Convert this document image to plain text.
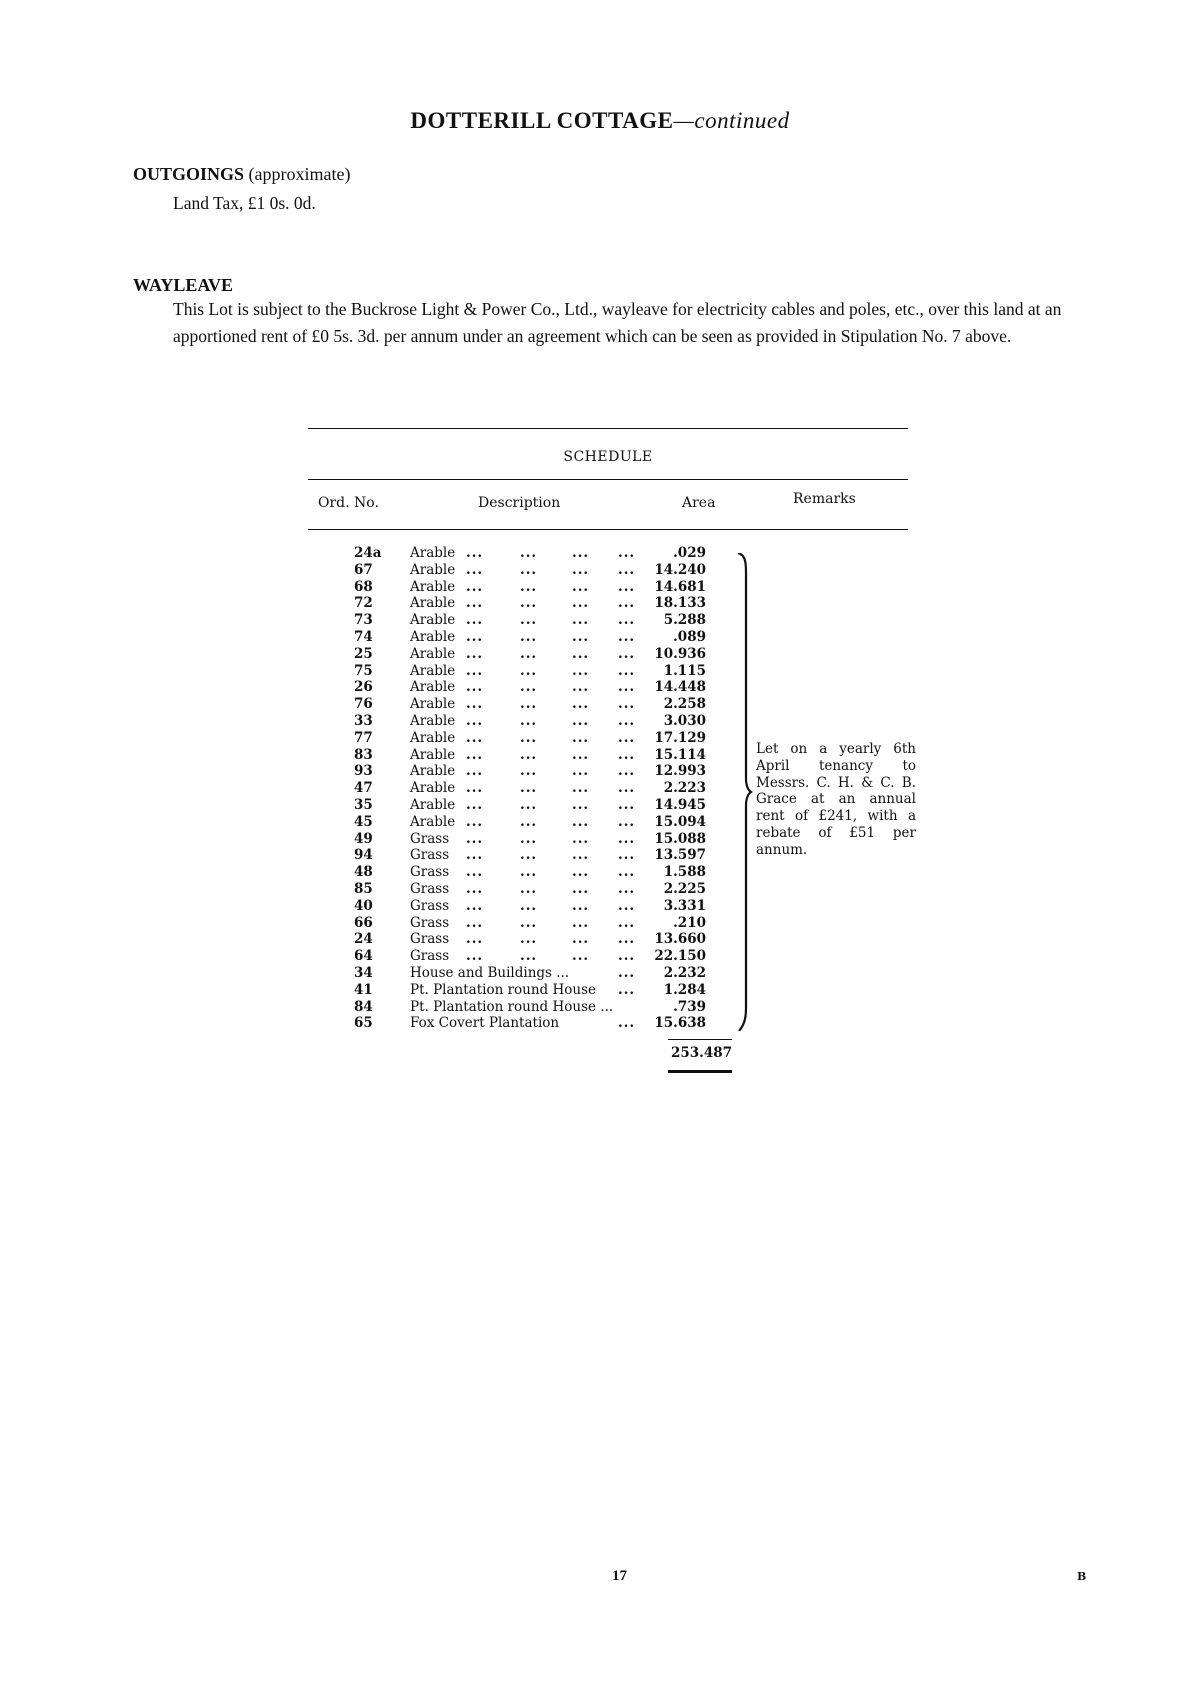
DOTTERILL COTTAGE—continued
OUTGOINGS (approximate)
Land Tax, £1 0s. 0d.
WAYLEAVE
This Lot is subject to the Buckrose Light & Power Co., Ltd., wayleave for electricity cables and poles, etc., over this land at an apportioned rent of £0 5s. 3d. per annum under an agreement which can be seen as provided in Stipulation No. 7 above.
SCHEDULE
Ord. No.	Description	Area	Remarks
24a	Arable ...	...	... ...	.029
67	Arable ...	...	... ...	14.240
68	Arable ...	...	... ...	14.681
72	Arable ...	...	... ...	18.133
73	Arable ...	...	... ...	5.288
74	Arable ...	...	... ...	.089
25	Arable ...	...	... ...	10.936
75	Arable ...	...	... ...	1.115
26	Arable ...	...	... ...	14.448
76	Arable ...	...	... ...	2.258
33	Arable ...	...	... ...	3.030
77	Arable ...	...	... ...	17.129
83	Arable ...	...	... ...	15.114
93	Arable ...	...	... ...	12.993
47	Arable ...	...	... ...	2.223
35	Arable ...	...	... ...	14.945
45	Arable ...	...	... ...	15.094
49	Grass ...	...	... ...	15.088
94	Grass ...	...	... ...	13.597
48	Grass ...	...	... ...	1.588
85	Grass ...	...	... ...	2.225
40	Grass ...	...	... ...	3.331
66	Grass ...	...	... ...	.210
24	Grass ...	...	... ...	13.660
64	Grass ...	...	... ...	22.150
34	House and Buildings ...	...	2.232
41	Pt. Plantation round House ...	1.284
84	Pt. Plantation round House ...	.739
65	Fox Covert Plantation	...	15.638
Let on a yearly 6th April tenancy to Messrs. C. H. & C. B. Grace at an annual rent of £241, with a rebate of £51 per annum.
253.487
17	B
